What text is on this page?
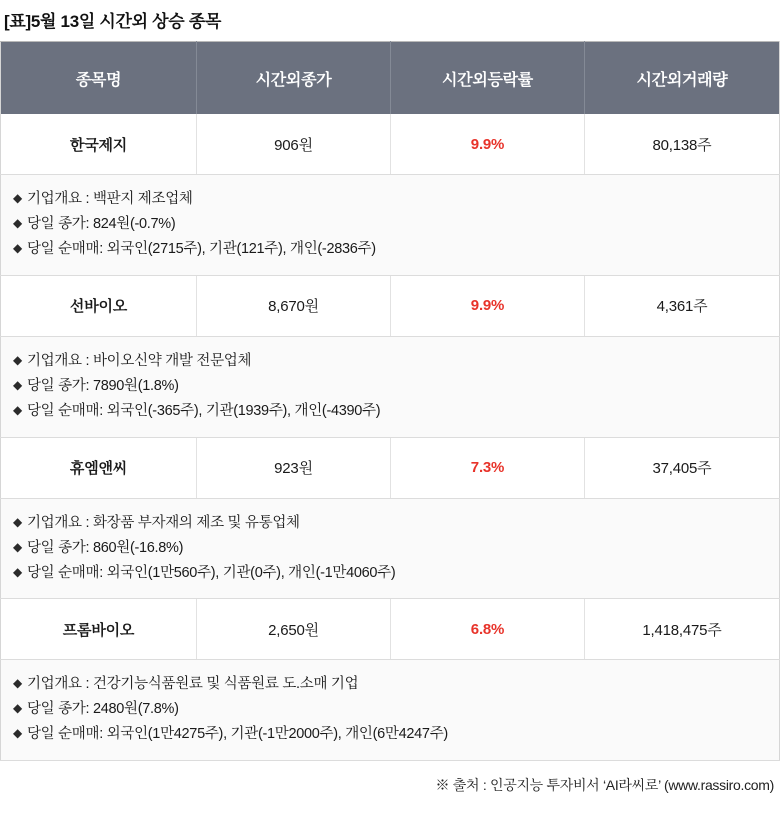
[표]5월 13일 시간외 상승 종목
종목명	시간외종가	시간외등락률	시간외거래량
한국제지	906원	9.9%	80,138주

◆ 기업개요 : 백판지 제조업체
◆ 당일 종가: 824원(-0.7%)
◆ 당일 순매매: 외국인(2715주), 기관(121주), 개인(-2836주)			

선바이오	8,670원	9.9%	4,361주

◆ 기업개요 : 바이오신약 개발 전문업체
◆ 당일 종가: 7890원(1.8%)
◆ 당일 순매매: 외국인(-365주), 기관(1939주), 개인(-4390주)			

휴엠앤씨	923원	7.3%	37,405주

◆ 기업개요 : 화장품 부자재의 제조 및 유통업체
◆ 당일 종가: 860원(-16.8%)
◆ 당일 순매매: 외국인(1만560주), 기관(0주), 개인(-1만4060주)			

프롬바이오	2,650원	6.8%	1,418,475주

◆ 기업개요 : 건강기능식품원료 및 식품원료 도.소매 기업
◆ 당일 종가: 2480원(7.8%)
◆ 당일 순매매: 외국인(1만4275주), 기관(-1만2000주), 개인(6만4247주)			
※ 출처 : 인공지능 투자비서 ‘AI라씨로’ (www.rassiro.com)
